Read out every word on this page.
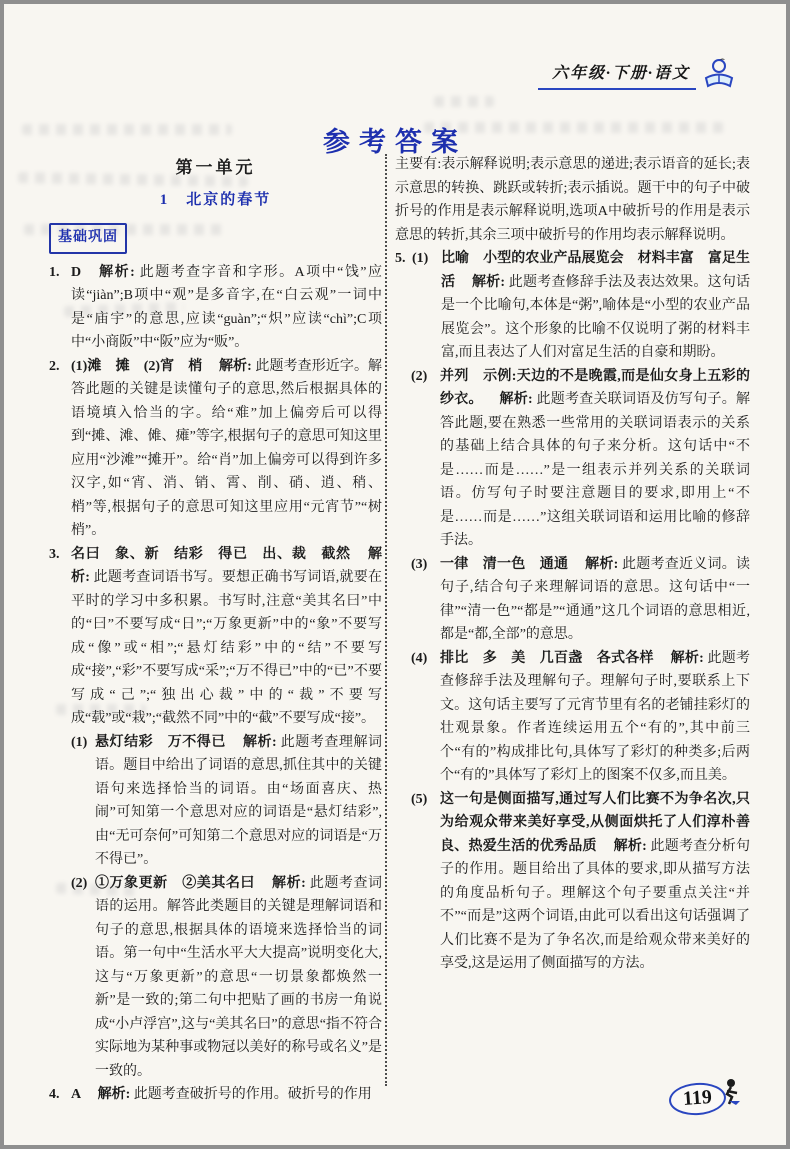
六年级·下册·语文
参考答案
第一单元
1　北京的春节
基础巩固
1. D 解析: 此题考查字音和字形。A项中“饯”应读“jiàn”;B项中“观”是多音字,在“白云观”一词中是“庙宇”的意思,应读“guàn”;“炽”应读“chì”;C项中“小商阪”中“阪”应为“贩”。
2. (1)滩　摊　(2)宵　梢 解析: 此题考查形近字。解答此题的关键是读懂句子的意思,然后根据具体的语境填入恰当的字。给“难”加上偏旁后可以得到“摊、滩、傩、瘫”等字,根据句子的意思可知这里应用“沙滩”“摊开”。给“肖”加上偏旁可以得到许多汉字,如“宵、消、销、霄、削、硝、逍、稍、梢”等,根据句子的意思可知这里应用“元宵节”“树梢”。
3. 名曰　象、新　结彩　得已　出、裁　截然 解析: 此题考查词语书写。要想正确书写词语,就要在平时的学习中多积累。书写时,注意“美其名曰”中的“曰”不要写成“日”;“万象更新”中的“象”不要写成“像”或“相”;“悬灯结彩”中的“结”不要写成“接”,“彩”不要写成“采”;“万不得已”中的“已”不要写成“己”;“独出心裁”中的“裁”不要写成“载”或“栽”;“截然不同”中的“截”不要写成“接”。
(1) 悬灯结彩　万不得已 解析: 此题考查理解词语。题目中给出了词语的意思,抓住其中的关键语句来选择恰当的词语。由“场面喜庆、热闹”可知第一个意思对应的词语是“悬灯结彩”,由“无可奈何”可知第二个意思对应的词语是“万不得已”。
(2) ①万象更新　②美其名曰 解析: 此题考查词语的运用。解答此类题目的关键是理解词语和句子的意思,根据具体的语境来选择恰当的词语。第一句中“生活水平大大提高”说明变化大,这与“万象更新”的意思“一切景象都焕然一新”是一致的;第二句中把贴了画的书房一角说成“小卢浮宫”,这与“美其名曰”的意思“指不符合实际地为某种事或物冠以美好的称号或名义”是一致的。
4. A 解析: 此题考查破折号的作用。破折号的作用
主要有:表示解释说明;表示意思的递进;表示语音的延长;表示意思的转换、跳跃或转折;表示插说。题干中的句子中破折号的作用是表示解释说明,选项A中破折号的作用是表示意思的转折,其余三项中破折号的作用均表示解释说明。
5. (1) 比喻　小型的农业产品展览会　材料丰富　富足生活 解析: 此题考查修辞手法及表达效果。这句话是一个比喻句,本体是“粥”,喻体是“小型的农业产品展览会”。这个形象的比喻不仅说明了粥的材料丰富,而且表达了人们对富足生活的自豪和期盼。
(2) 并列　示例:天边的不是晚霞,而是仙女身上五彩的纱衣。 解析: 此题考查关联词语及仿写句子。解答此题,要在熟悉一些常用的关联词语表示的关系的基础上结合具体的句子来分析。这句话中“不是……而是……”是一组表示并列关系的关联词语。仿写句子时要注意题目的要求,即用上“不是……而是……”这组关联词语和运用比喻的修辞手法。
(3) 一律　清一色　通通 解析: 此题考查近义词。读句子,结合句子来理解词语的意思。这句话中“一律”“清一色”“都是”“通通”这几个词语的意思相近,都是“都,全部”的意思。
(4) 排比　多　美　几百盏　各式各样 解析: 此题考查修辞手法及理解句子。理解句子时,要联系上下文。这句话主要写了元宵节里有名的老铺挂彩灯的壮观景象。作者连续运用五个“有的”,其中前三个“有的”构成排比句,具体写了彩灯的种类多;后两个“有的”具体写了彩灯上的图案不仅多,而且美。
(5) 这一句是侧面描写,通过写人们比赛不为争名次,只为给观众带来美好享受,从侧面烘托了人们淳朴善良、热爱生活的优秀品质 解析: 此题考查分析句子的作用。题目给出了具体的要求,即从描写方法的角度品析句子。理解这个句子要重点关注“并不”“而是”这两个词语,由此可以看出这句话强调了人们比赛不是为了争名次,而是给观众带来美好的享受,这是运用了侧面描写的方法。
119
